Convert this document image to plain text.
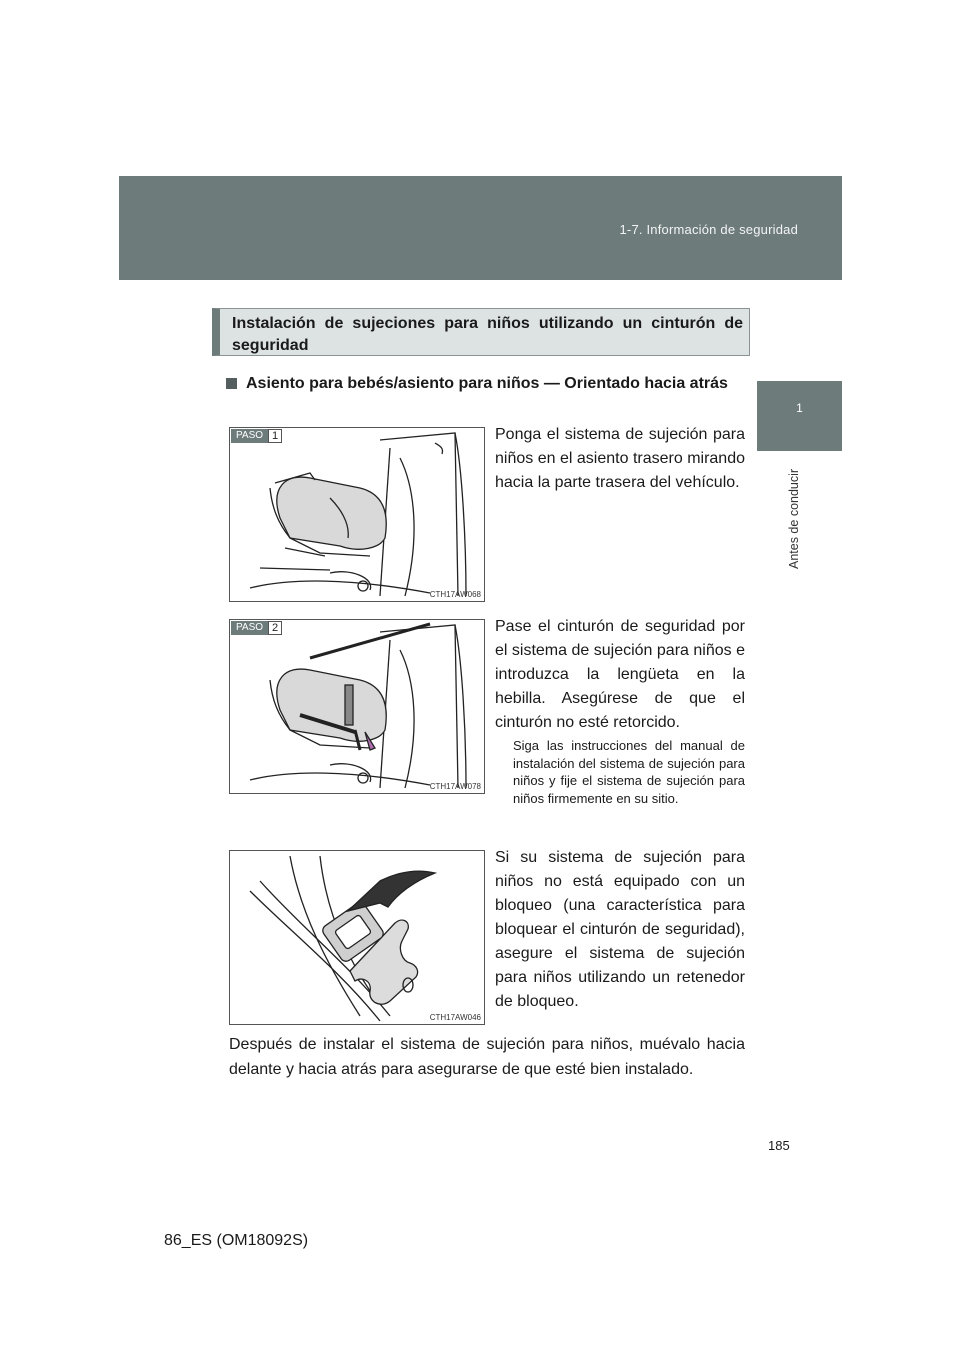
1-7. Información de seguridad
1
Antes de conducir
Instalación de sujeciones para niños utilizando un cinturón de seguridad
Asiento para bebés/asiento para niños — Orientado hacia atrás
PASO 1
CTH17AW068
Ponga el sistema de sujeción para niños en el asiento trasero mirando hacia la parte trasera del vehículo.
PASO 2
CTH17AW078
Pase el cinturón de seguridad por el sistema de sujeción para niños e introduzca la lengüeta en la hebilla. Asegúrese de que el cinturón no esté retorcido.
Siga las instrucciones del manual de instalación del sistema de sujeción para niños y fije el sistema de sujeción para niños firmemente en su sitio.
CTH17AW046
Si su sistema de sujeción para niños no está equipado con un bloqueo (una característica para bloquear el cinturón de seguridad), asegure el sistema de sujeción para niños utilizando un retenedor de bloqueo.
Después de instalar el sistema de sujeción para niños, muévalo hacia delante y hacia atrás para asegurarse de que esté bien instalado.
185
86_ES (OM18092S)
